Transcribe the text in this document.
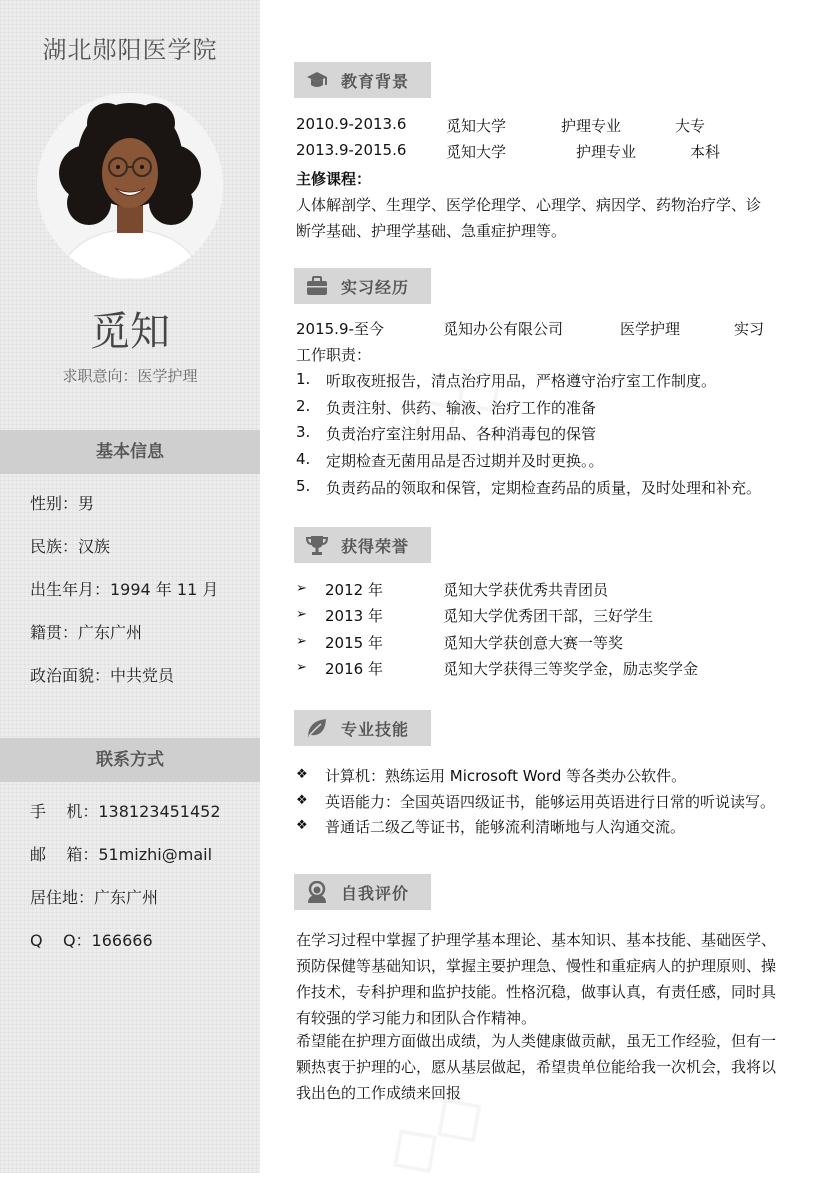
湖北郧阳医学院
觅知
求职意向：医学护理
基本信息
性别：男
民族：汉族
出生年月：1994 年 11 月
籍贯：广东广州
政治面貌：中共党员
联系方式
手    机：138123451452
邮    箱：51mizhi@mail
居住地：广东广州
Q    Q：166666
教育背景
2010.9-2013.6	觅知大学	护理专业	大专
2013.9-2015.6	觅知大学	护理专业	本科
主修课程：
人体解剖学、生理学、医学伦理学、心理学、病因学、药物治疗学、诊
断学基础、护理学基础、急重症护理等。
实习经历
2015.9-至今	觅知办公有限公司	医学护理	实习
工作职责：
1. 听取夜班报告，清点治疗用品，严格遵守治疗室工作制度。
2. 负责注射、供药、输液、治疗工作的准备
3. 负责治疗室注射用品、各种消毒包的保管
4. 定期检查无菌用品是否过期并及时更换。。
5. 负责药品的领取和保管，定期检查药品的质量，及时处理和补充。
获得荣誉
➢ 2012 年	觅知大学获优秀共青团员
➢ 2013 年	觅知大学优秀团干部，三好学生
➢ 2015 年	觅知大学获创意大赛一等奖
➢ 2016 年	觅知大学获得三等奖学金，励志奖学金
专业技能
❖ 计算机：熟练运用 Microsoft Word 等各类办公软件。
❖ 英语能力：全国英语四级证书，能够运用英语进行日常的听说读写。
❖ 普通话二级乙等证书，能够流利清晰地与人沟通交流。
自我评价
在学习过程中掌握了护理学基本理论、基本知识、基本技能、基础医学、预防保健等基础知识，掌握主要护理急、慢性和重症病人的护理原则、操作技术，专科护理和监护技能。性格沉稳，做事认真，有责任感，同时具有较强的学习能力和团队合作精神。
希望能在护理方面做出成绩，为人类健康做贡献，虽无工作经验，但有一颗热衷于护理的心，愿从基层做起，希望贵单位能给我一次机会，我将以我出色的工作成绩来回报
